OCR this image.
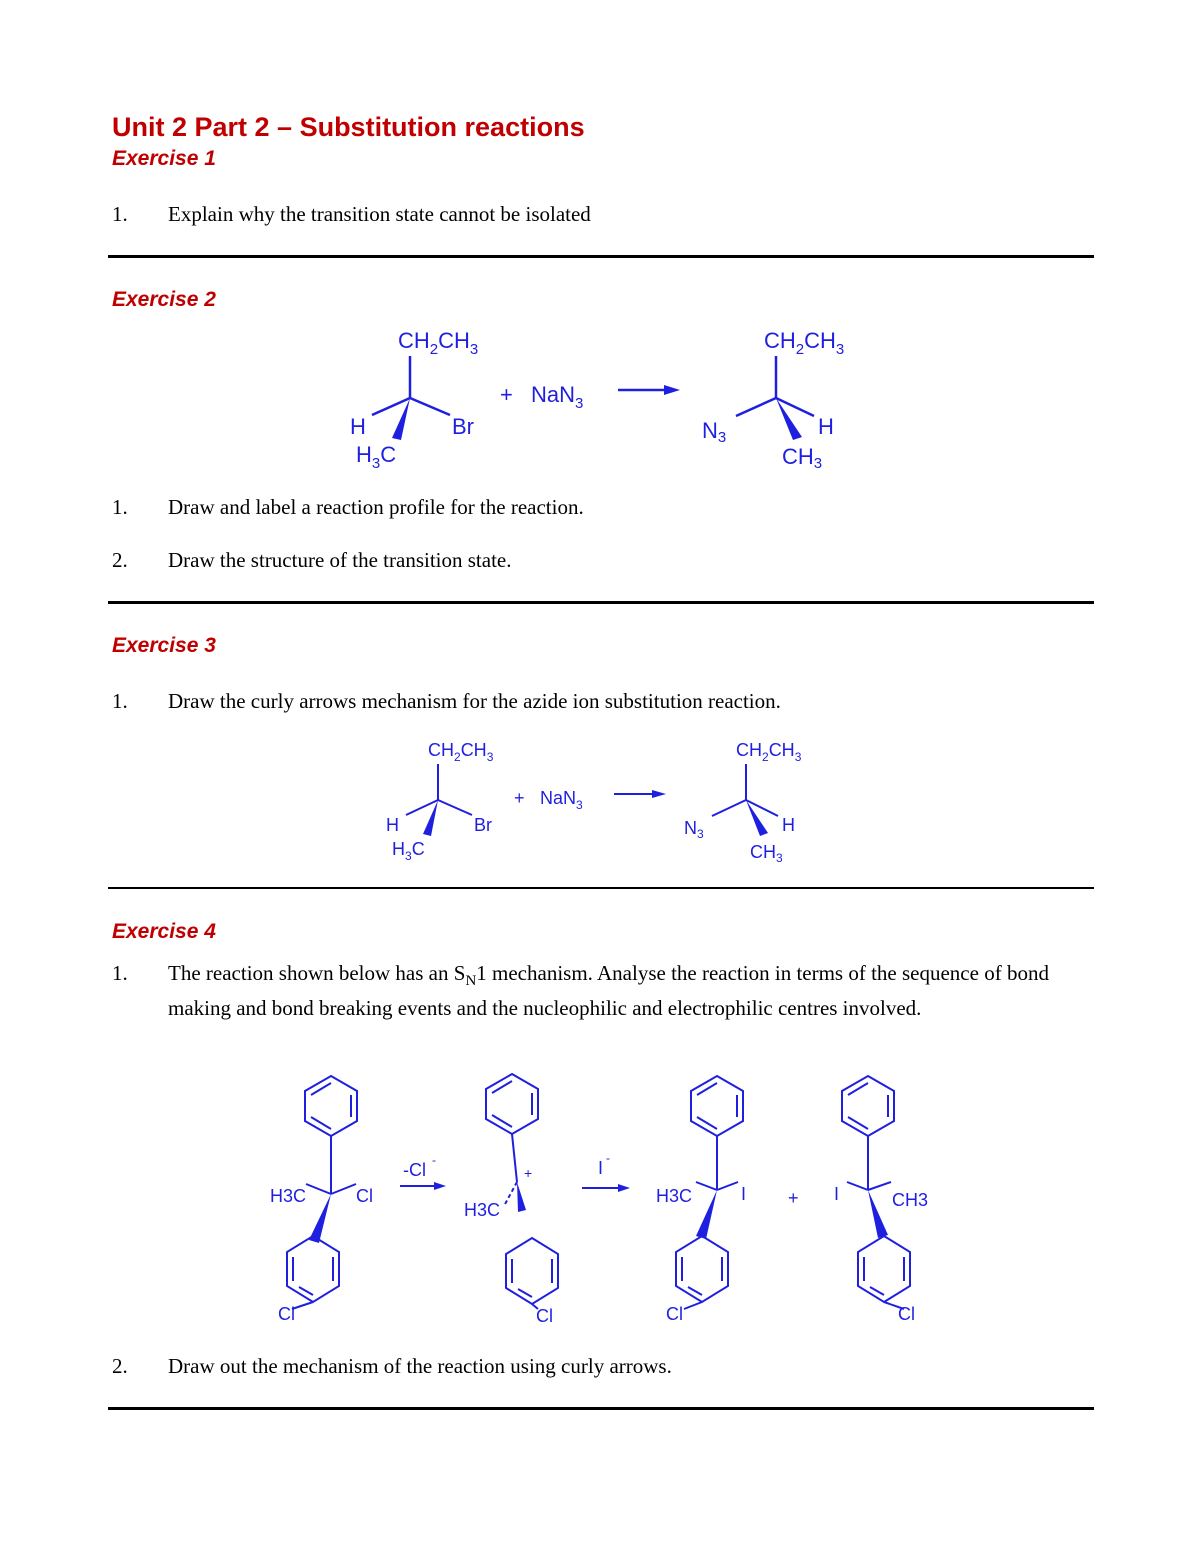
Unit 2 Part 2 – Substitution reactions
Exercise 1
1. Explain why the transition state cannot be isolated
Exercise 2
$CH_2CH_3$
H	Br
$H_3C$
+ NaN$_3$
$CH_2CH_3$
N3	H
CH3
1. Draw and label a reaction profile for the reaction.
2. Draw the structure of the transition state.
Exercise 3
1. Draw the curly arrows mechanism for the azide ion substitution reaction.
$CH_2CH_3$
H	Br
$H_3C$
+ NaN$_3$
$CH_2CH_3$
$N_3$	H
$CH_3$
Exercise 4
1. The reaction shown below has an $S_N1$ mechanism. Analyse the reaction in terms of the sequence of bond making and bond breaking events and the nucleophilic and electrophilic centres involved.
H3C	Cl
Cl
-Cl -
+
H3C
Cl
I -
H3C	I
Cl
+ I	CH3
Cl
2. Draw out the mechanism of the reaction using curly arrows.
